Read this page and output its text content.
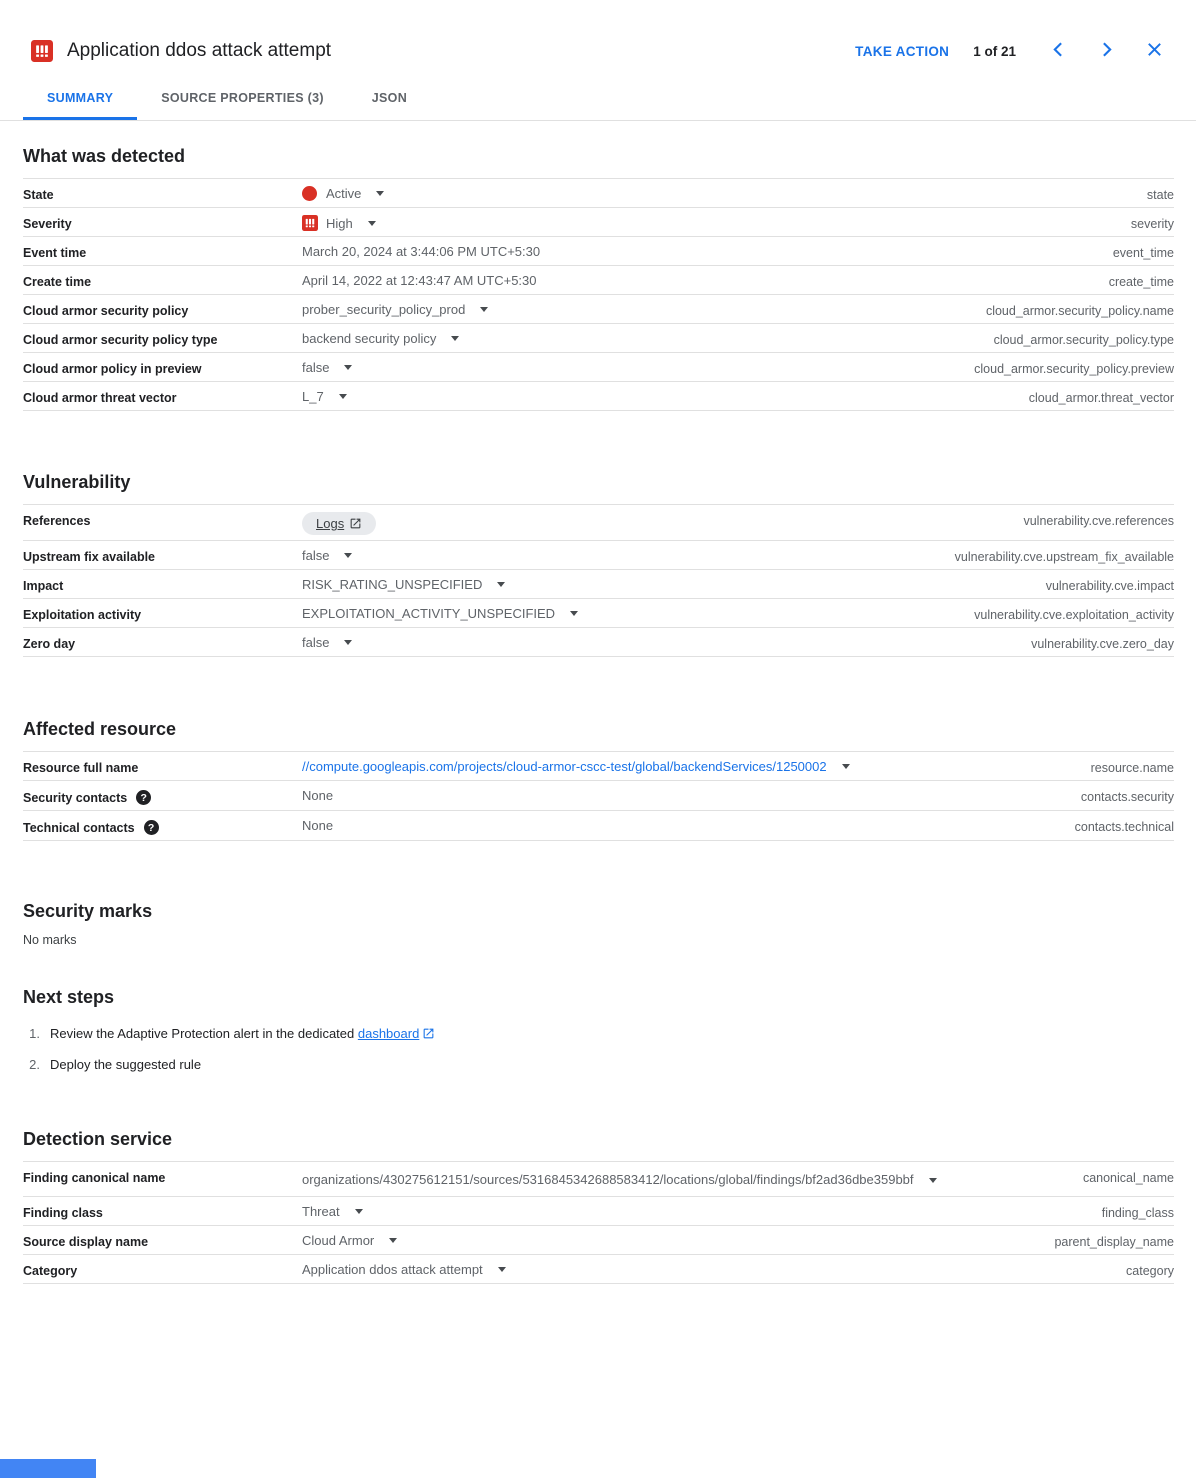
Application ddos attack attempt	TAKE ACTION	1 of 21
SUMMARY	SOURCE PROPERTIES (3)	JSON
What was detected
State	Active	state
Severity	High	severity
Event time	March 20, 2024 at 3:44:06 PM UTC+5:30	event_time
Create time	April 14, 2022 at 12:43:47 AM UTC+5:30	create_time
Cloud armor security policy	prober_security_policy_prod	cloud_armor.security_policy.name
Cloud armor security policy type	backend security policy	cloud_armor.security_policy.type
Cloud armor policy in preview	false	cloud_armor.security_policy.preview
Cloud armor threat vector	L_7	cloud_armor.threat_vector
Vulnerability
References	Logs	vulnerability.cve.references
Upstream fix available	false	vulnerability.cve.upstream_fix_available
Impact	RISK_RATING_UNSPECIFIED	vulnerability.cve.impact
Exploitation activity	EXPLOITATION_ACTIVITY_UNSPECIFIED	vulnerability.cve.exploitation_activity
Zero day	false	vulnerability.cve.zero_day
Affected resource
Resource full name	//compute.googleapis.com/projects/cloud-armor-cscc-test/global/backendServices/1250002	resource.name
Security contacts	?	None	contacts.security
Technical contacts	?	None	contacts.technical
Security marks
No marks
Next steps
1. Review the Adaptive Protection alert in the dedicated dashboard
2. Deploy the suggested rule
Detection service
Finding canonical name	organizations/430275612151/sources/5316845342688583412/locations/global/findings/bf2ad36dbe359bbf	canonical_name
Finding class	Threat	finding_class
Source display name	Cloud Armor	parent_display_name
Category	Application ddos attack attempt	category
